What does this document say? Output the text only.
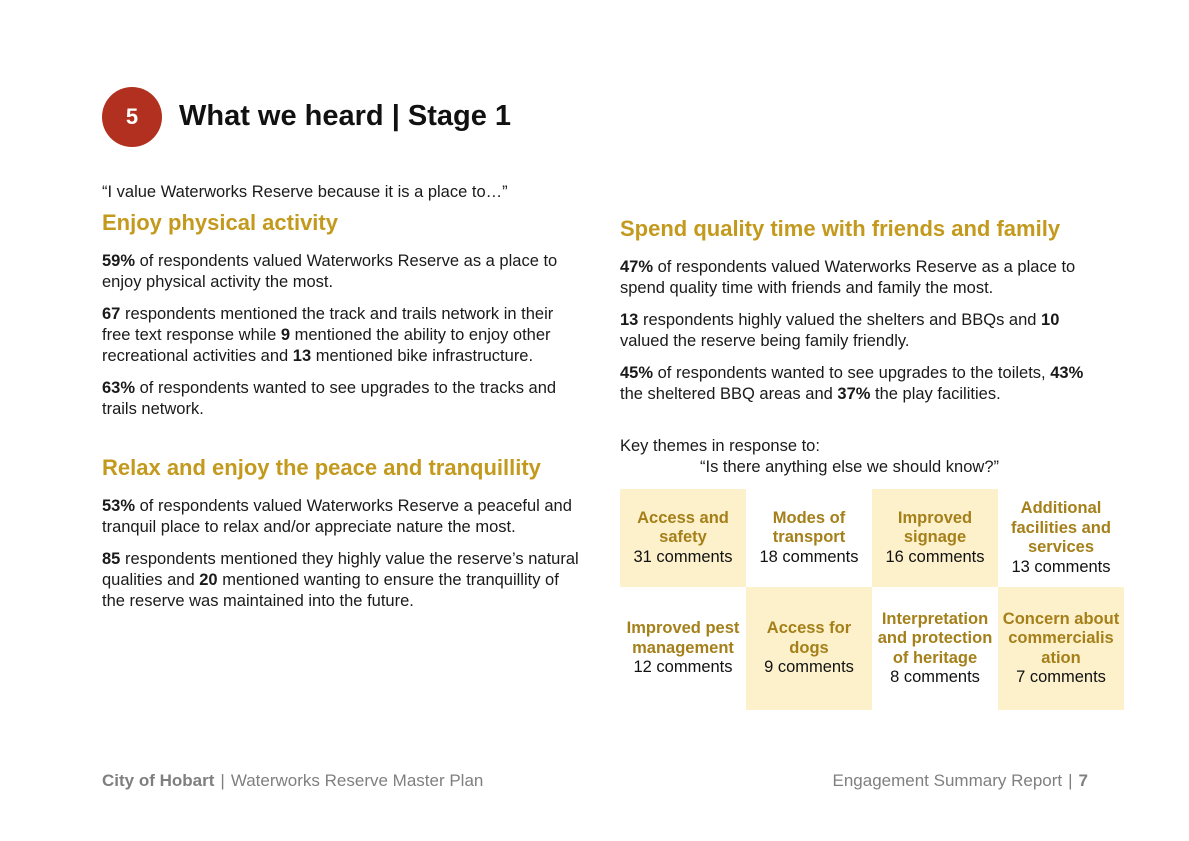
5 What we heard | Stage 1

“I value Waterworks Reserve because it is a place to…”

Enjoy physical activity

59% of respondents valued Waterworks Reserve as a place to enjoy physical activity the most.

67 respondents mentioned the track and trails network in their free text response while 9 mentioned the ability to enjoy other recreational activities and 13 mentioned bike infrastructure.

63% of respondents wanted to see upgrades to the tracks and trails network.

Relax and enjoy the peace and tranquillity

53% of respondents valued Waterworks Reserve a peaceful and tranquil place to relax and/or appreciate nature the most.

85 respondents mentioned they highly value the reserve’s natural qualities and 20 mentioned wanting to ensure the tranquillity of the reserve was maintained into the future.

Spend quality time with friends and family

47% of respondents valued Waterworks Reserve as a place to spend quality time with friends and family the most.

13 respondents highly valued the shelters and BBQs and 10 valued the reserve being family friendly.

45% of respondents wanted to see upgrades to the toilets, 43% the sheltered BBQ areas and 37% the play facilities.

Key themes in response to:

“Is there anything else we should know?”

Access and safety
31 comments
Modes of transport
18 comments
Improved signage
16 comments
Additional facilities and services
13 comments
Improved pest management
12 comments
Access for dogs
9 comments
Interpretation and protection of heritage
8 comments
Concern about commercialis ation
7 comments
City of Hobart | Waterworks Reserve Master Plan	Engagement Summary Report | 7
